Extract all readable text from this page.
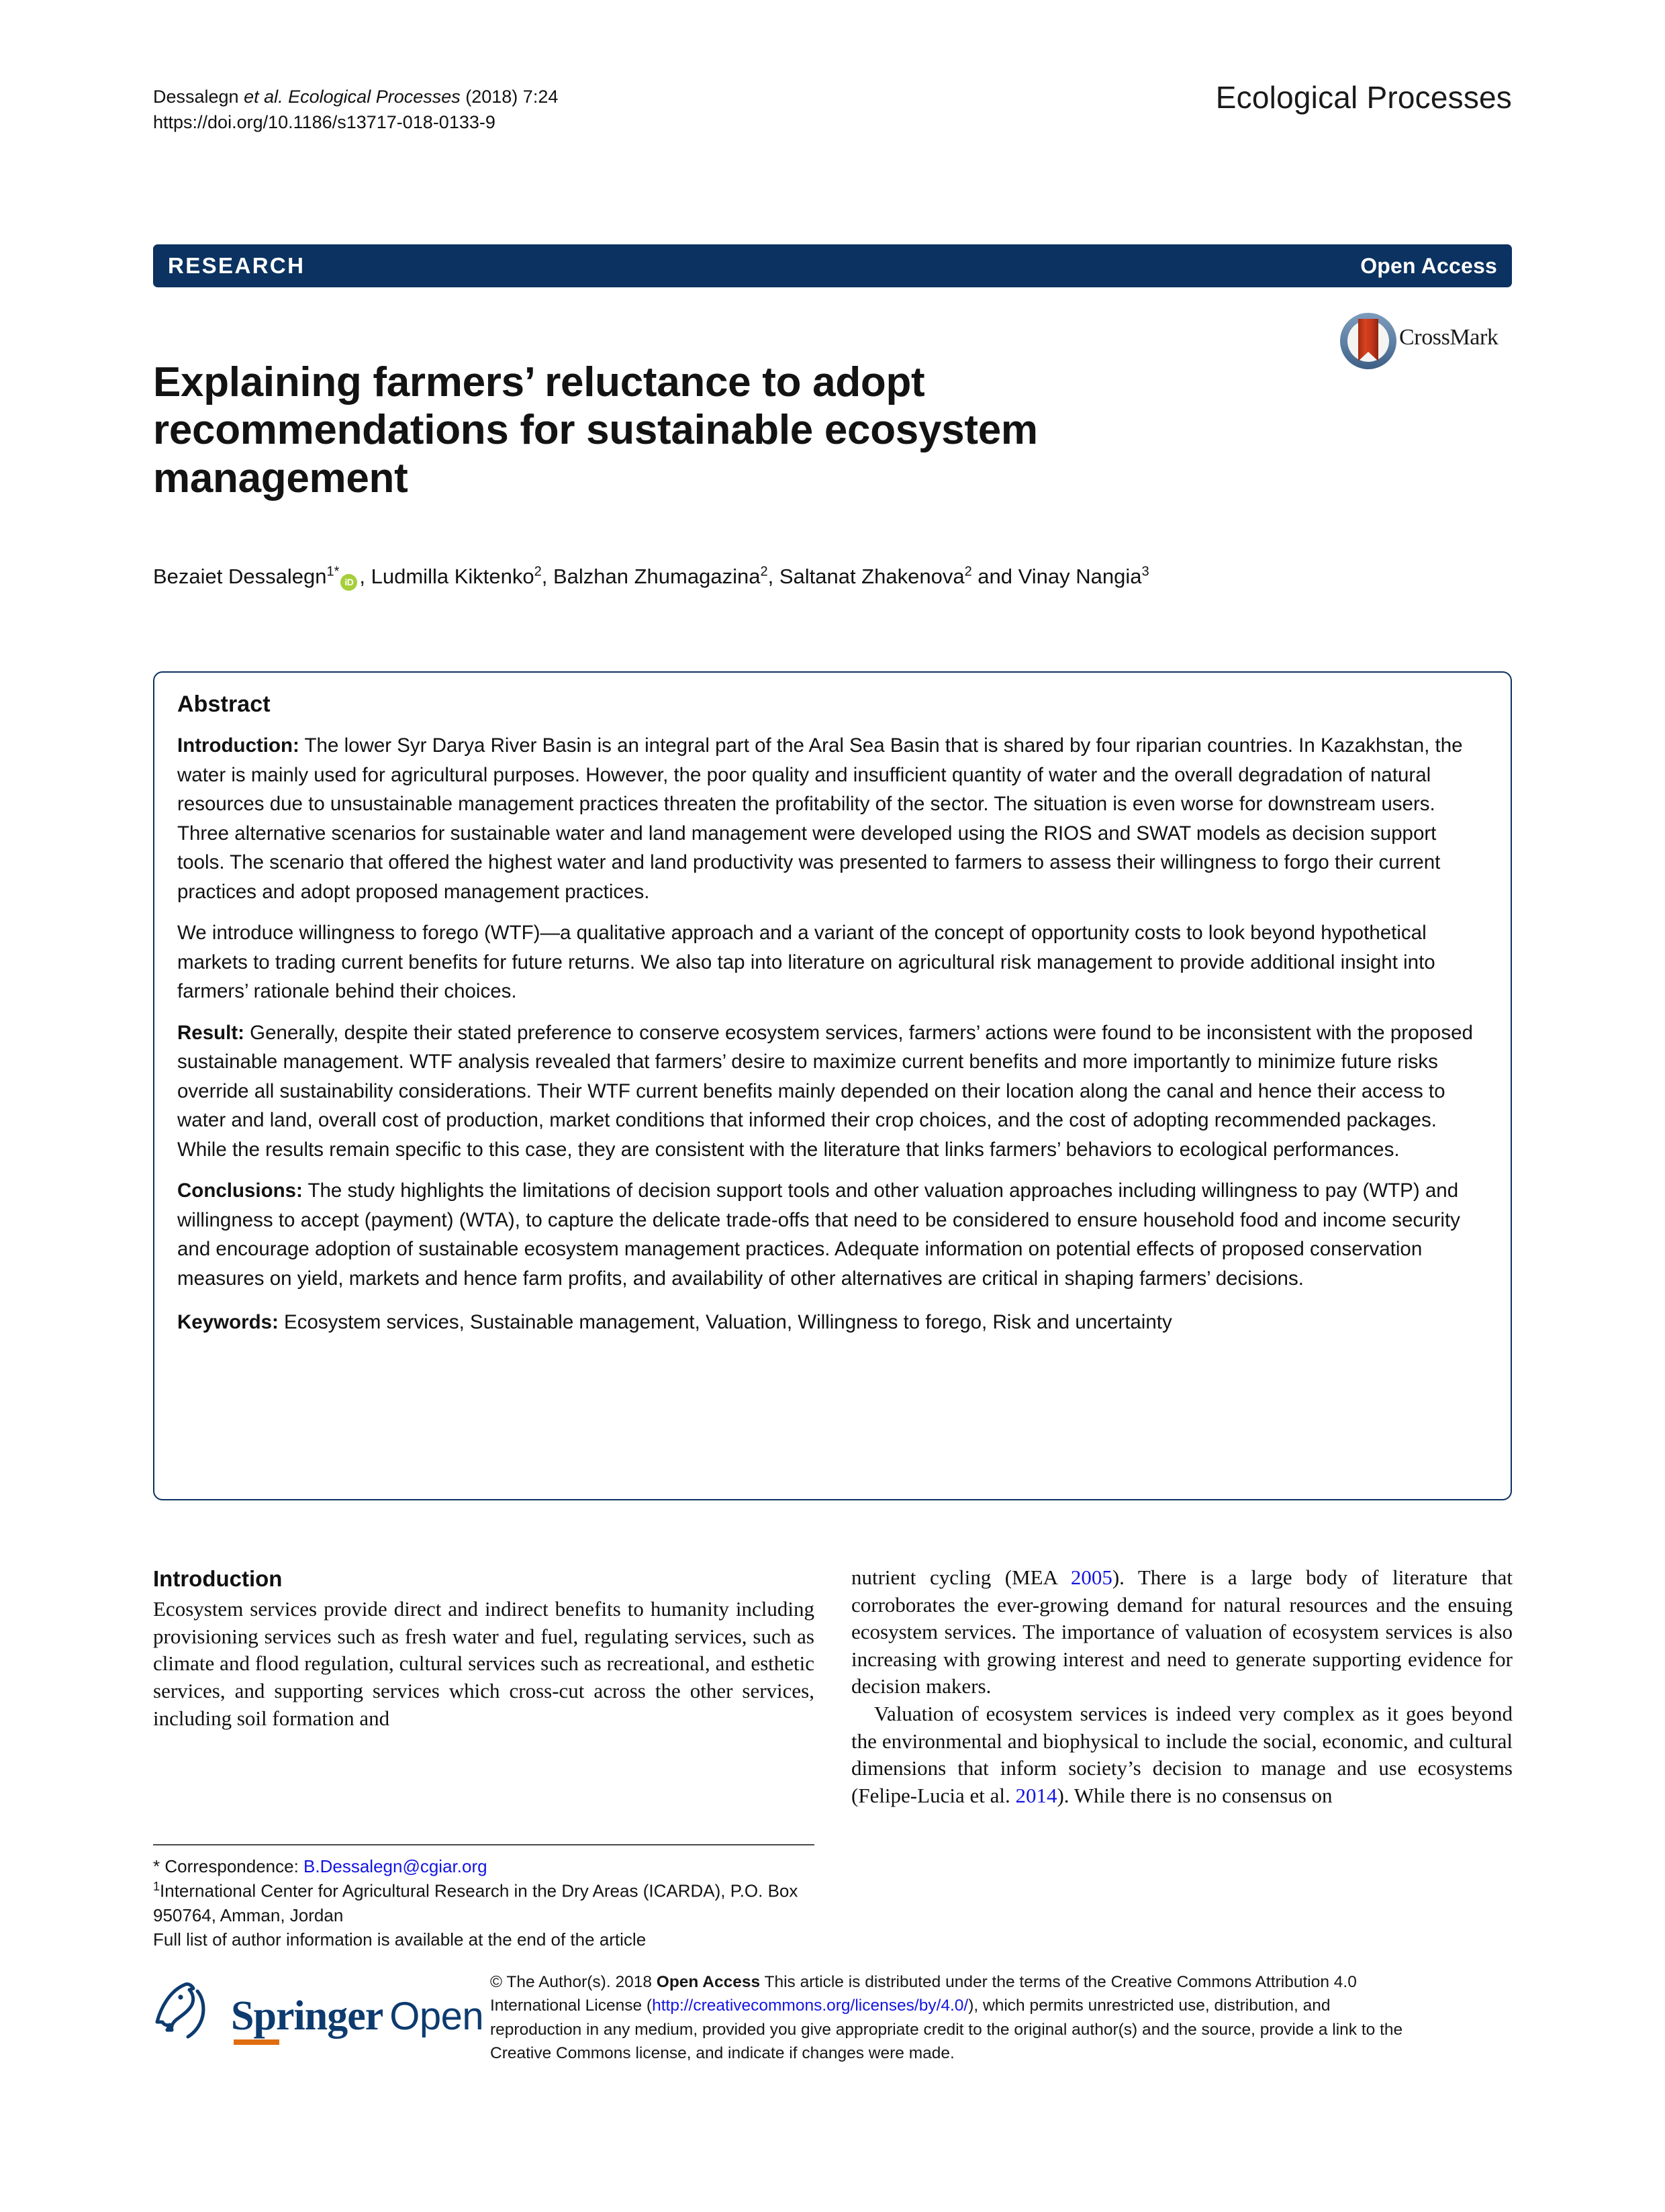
Dessalegn et al. Ecological Processes (2018) 7:24
https://doi.org/10.1186/s13717-018-0133-9
Ecological Processes
RESEARCH	Open Access
CrossMark
Explaining farmers’ reluctance to adopt recommendations for sustainable ecosystem management
Bezaiet Dessalegn$^{1*}$iD , Ludmilla Kiktenko$^2$, Balzhan Zhumagazina$^2$, Saltanat Zhakenova$^2$ and Vinay Nangia$^3$
Abstract

Introduction: The lower Syr Darya River Basin is an integral part of the Aral Sea Basin that is shared by four riparian countries. In Kazakhstan, the water is mainly used for agricultural purposes. However, the poor quality and insufficient quantity of water and the overall degradation of natural resources due to unsustainable management practices threaten the profitability of the sector. The situation is even worse for downstream users. Three alternative scenarios for sustainable water and land management were developed using the RIOS and SWAT models as decision support tools. The scenario that offered the highest water and land productivity was presented to farmers to assess their willingness to forgo their current practices and adopt proposed management practices.

We introduce willingness to forego (WTF)—a qualitative approach and a variant of the concept of opportunity costs to look beyond hypothetical markets to trading current benefits for future returns. We also tap into literature on agricultural risk management to provide additional insight into farmers’ rationale behind their choices.

Result: Generally, despite their stated preference to conserve ecosystem services, farmers’ actions were found to be inconsistent with the proposed sustainable management. WTF analysis revealed that farmers’ desire to maximize current benefits and more importantly to minimize future risks override all sustainability considerations. Their WTF current benefits mainly depended on their location along the canal and hence their access to water and land, overall cost of production, market conditions that informed their crop choices, and the cost of adopting recommended packages. While the results remain specific to this case, they are consistent with the literature that links farmers’ behaviors to ecological performances.

Conclusions: The study highlights the limitations of decision support tools and other valuation approaches including willingness to pay (WTP) and willingness to accept (payment) (WTA), to capture the delicate trade-offs that need to be considered to ensure household food and income security and encourage adoption of sustainable ecosystem management practices. Adequate information on potential effects of proposed conservation measures on yield, markets and hence farm profits, and availability of other alternatives are critical in shaping farmers’ decisions.

Keywords: Ecosystem services, Sustainable management, Valuation, Willingness to forego, Risk and uncertainty

Introduction

Ecosystem services provide direct and indirect benefits to humanity including provisioning services such as fresh water and fuel, regulating services, such as climate and flood regulation, cultural services such as recreational, and esthetic services, and supporting services which cross-cut across the other services, including soil formation and

nutrient cycling (MEA 2005). There is a large body of literature that corroborates the ever-growing demand for natural resources and the ensuing ecosystem services. The importance of valuation of ecosystem services is also increasing with growing interest and need to generate supporting evidence for decision makers.

Valuation of ecosystem services is indeed very complex as it goes beyond the environmental and biophysical to include the social, economic, and cultural dimensions that inform society’s decision to manage and use ecosystems (Felipe-Lucia et al. 2014). While there is no consensus on

* Correspondence: B.Dessalegn@cgiar.org
$^1$International Center for Agricultural Research in the Dry Areas (ICARDA), P.O. Box 950764, Amman, Jordan
Full list of author information is available at the end of the article
Springer Open
© The Author(s). 2018 Open Access This article is distributed under the terms of the Creative Commons Attribution 4.0 International License (http://creativecommons.org/licenses/by/4.0/), which permits unrestricted use, distribution, and reproduction in any medium, provided you give appropriate credit to the original author(s) and the source, provide a link to the Creative Commons license, and indicate if changes were made.
